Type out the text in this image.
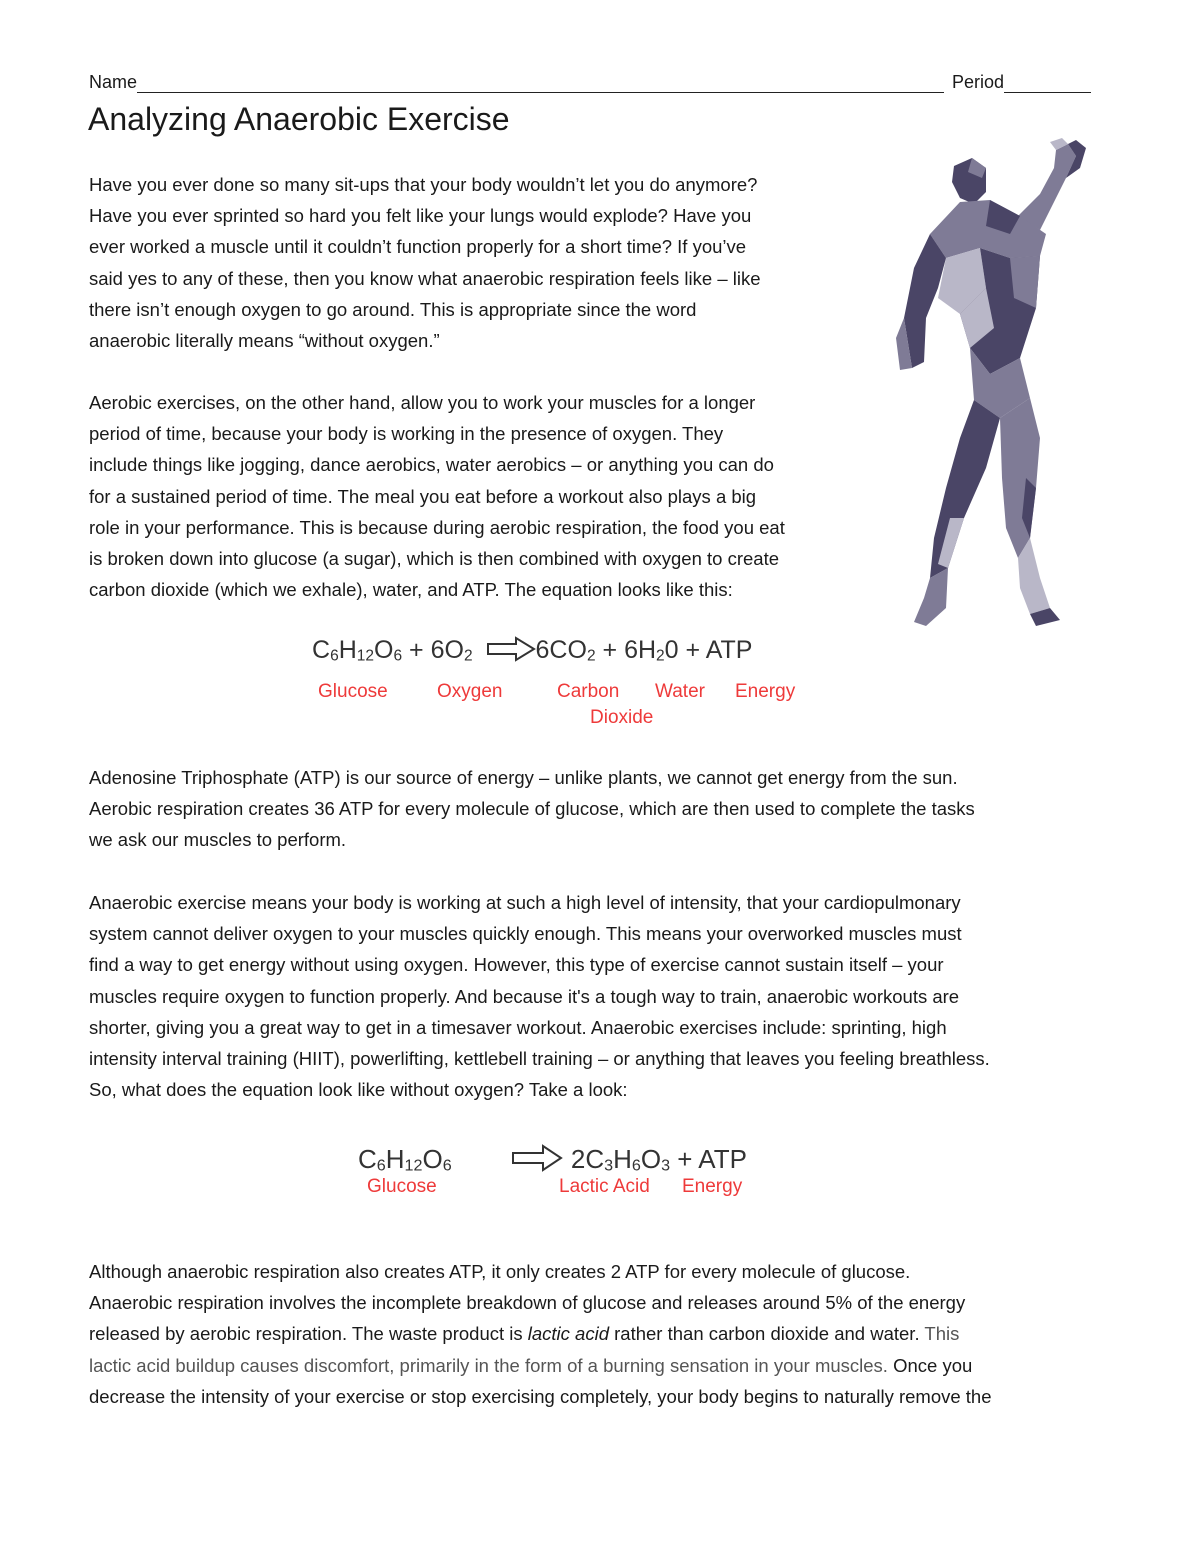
Name	Period
Analyzing Anaerobic Exercise

Have you ever done so many sit-ups that your body wouldn’t let you do anymore?

Have you ever sprinted so hard you felt like your lungs would explode? Have you

ever worked a muscle until it couldn’t function properly for a short time? If you’ve

said yes to any of these, then you know what anaerobic respiration feels like – like

there isn’t enough oxygen to go around. This is appropriate since the word

anaerobic literally means “without oxygen.”

Aerobic exercises, on the other hand, allow you to work your muscles for a longer

period of time, because your body is working in the presence of oxygen. They

include things like jogging, dance aerobics, water aerobics – or anything you can do

for a sustained period of time. The meal you eat before a workout also plays a big

role in your performance. This is because during aerobic respiration, the food you eat

is broken down into glucose (a sugar), which is then combined with oxygen to create

carbon dioxide (which we exhale), water, and ATP. The equation looks like this:

$C_6H_{12}O_6 + 6O_2$	$6CO_2 + 6H_20$ + ATP
Glucose	Oxygen	Carbon
Dioxide
Water Energy

Adenosine Triphosphate (ATP) is our source of energy – unlike plants, we cannot get energy from the sun.

Aerobic respiration creates 36 ATP for every molecule of glucose, which are then used to complete the tasks

we ask our muscles to perform.

Anaerobic exercise means your body is working at such a high level of intensity, that your cardiopulmonary

system cannot deliver oxygen to your muscles quickly enough. This means your overworked muscles must

find a way to get energy without using oxygen. However, this type of exercise cannot sustain itself – your

muscles require oxygen to function properly. And because it's a tough way to train, anaerobic workouts are

shorter, giving you a great way to get in a timesaver workout. Anaerobic exercises include: sprinting, high

intensity interval training (HIIT), powerlifting, kettlebell training – or anything that leaves you feeling breathless.

So, what does the equation look like without oxygen? Take a look:

$C_6H_{12}O_6$	$2C_3H_6O_3$ + ATP
Glucose	Lactic Acid Energy

Although anaerobic respiration also creates ATP, it only creates 2 ATP for every molecule of glucose.

Anaerobic respiration involves the incomplete breakdown of glucose and releases around 5% of the energy

released by aerobic respiration. The waste product is lactic acid rather than carbon dioxide and water. This

lactic acid buildup causes discomfort, primarily in the form of a burning sensation in your muscles. Once you

decrease the intensity of your exercise or stop exercising completely, your body begins to naturally remove the
